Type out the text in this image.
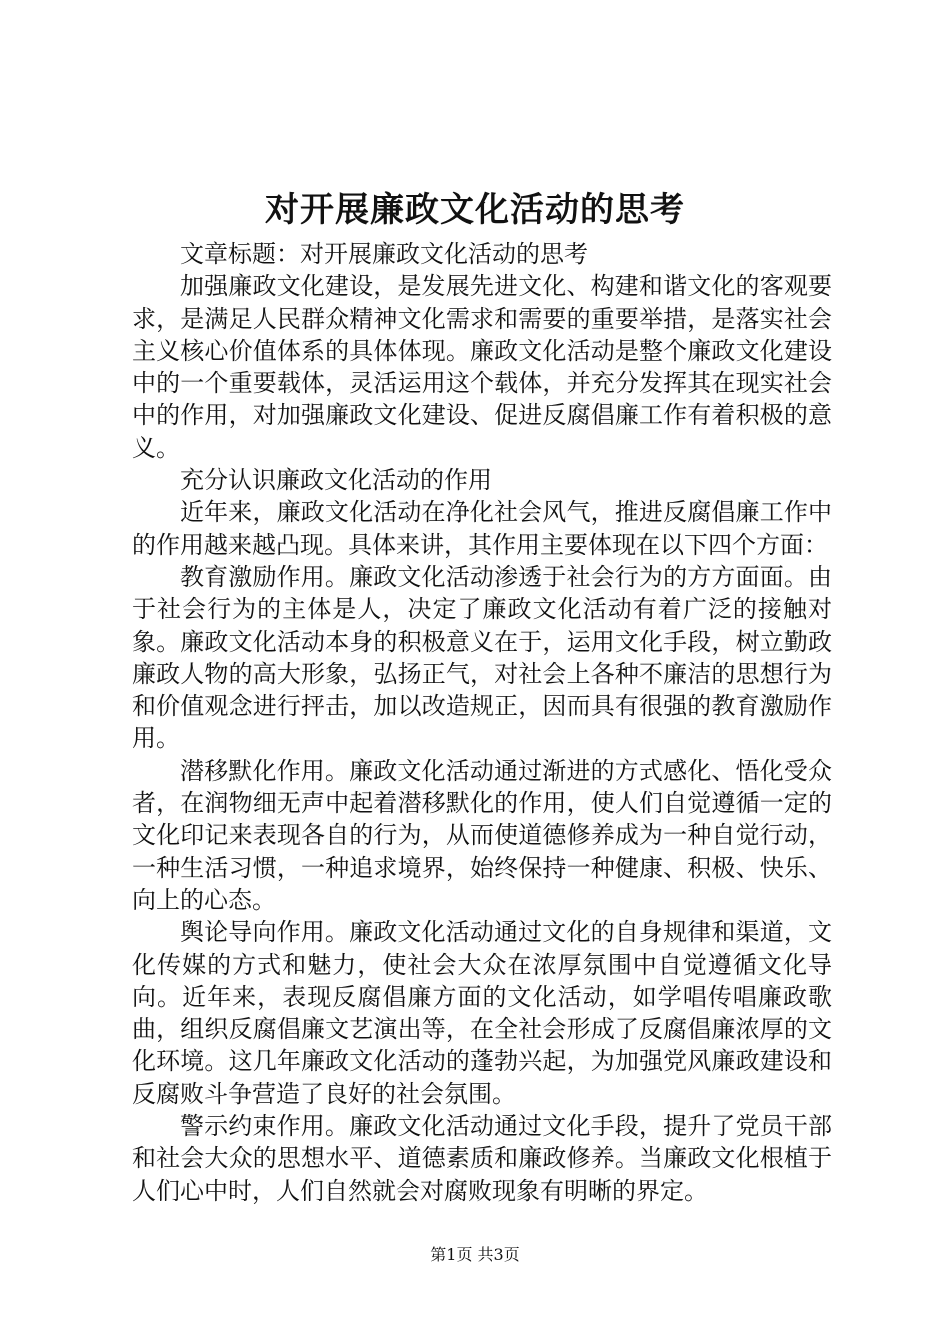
对开展廉政文化活动的思考

文章标题：对开展廉政文化活动的思考

加强廉政文化建设，是发展先进文化、构建和谐文化的客观要求，是满足人民群众精神文化需求和需要的重要举措，是落实社会主义核心价值体系的具体体现。廉政文化活动是整个廉政文化建设中的一个重要载体，灵活运用这个载体，并充分发挥其在现实社会中的作用，对加强廉政文化建设、促进反腐倡廉工作有着积极的意义。

充分认识廉政文化活动的作用

近年来，廉政文化活动在净化社会风气，推进反腐倡廉工作中的作用越来越凸现。具体来讲，其作用主要体现在以下四个方面：

教育激励作用。廉政文化活动渗透于社会行为的方方面面。由于社会行为的主体是人，决定了廉政文化活动有着广泛的接触对象。廉政文化活动本身的积极意义在于，运用文化手段，树立勤政廉政人物的高大形象，弘扬正气，对社会上各种不廉洁的思想行为和价值观念进行抨击，加以改造规正，因而具有很强的教育激励作用。

潜移默化作用。廉政文化活动通过渐进的方式感化、悟化受众者，在润物细无声中起着潜移默化的作用，使人们自觉遵循一定的文化印记来表现各自的行为，从而使道德修养成为一种自觉行动，一种生活习惯，一种追求境界，始终保持一种健康、积极、快乐、向上的心态。

舆论导向作用。廉政文化活动通过文化的自身规律和渠道，文化传媒的方式和魅力，使社会大众在浓厚氛围中自觉遵循文化导向。近年来，表现反腐倡廉方面的文化活动，如学唱传唱廉政歌曲，组织反腐倡廉文艺演出等，在全社会形成了反腐倡廉浓厚的文化环境。这几年廉政文化活动的蓬勃兴起，为加强党风廉政建设和反腐败斗争营造了良好的社会氛围。

警示约束作用。廉政文化活动通过文化手段，提升了党员干部和社会大众的思想水平、道德素质和廉政修养。当廉政文化根植于人们心中时，人们自然就会对腐败现象有明晰的界定。

第1页 共3页
